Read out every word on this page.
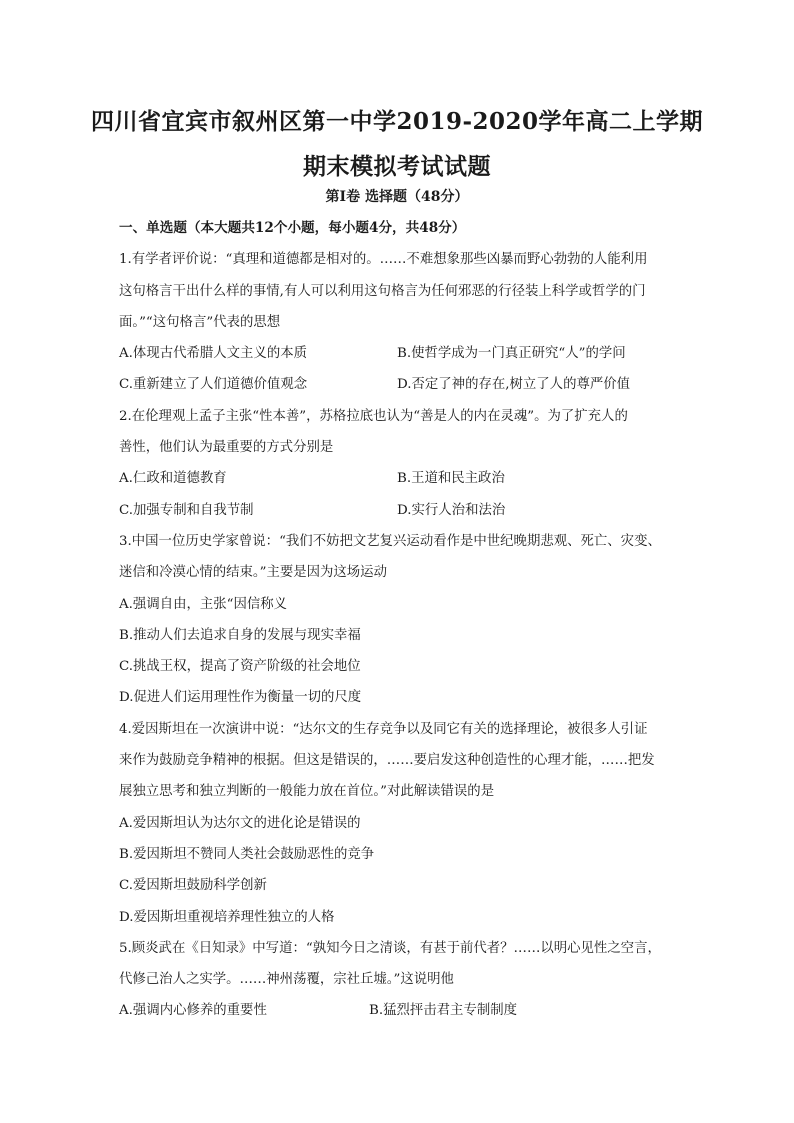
四川省宜宾市叙州区第一中学2019-2020学年高二上学期
期末模拟考试试题
第Ⅰ卷 选择题（48分）
一、单选题（本大题共12个小题，每小题4分，共48分）
1.有学者评价说：“真理和道德都是相对的。……不难想象那些凶暴而野心勃勃的人能利用
这句格言干出什么样的事情,有人可以利用这句格言为任何邪恶的行径装上科学或哲学的门
面。”“这句格言”代表的思想
A.体现古代希腊人文主义的本质	B.使哲学成为一门真正研究“人”的学问
C.重新建立了人们道德价值观念	D.否定了神的存在,树立了人的尊严价值
2.在伦理观上孟子主张“性本善”，苏格拉底也认为“善是人的内在灵魂”。为了扩充人的
善性，他们认为最重要的方式分别是
A.仁政和道德教育	B.王道和民主政治
C.加强专制和自我节制	D.实行人治和法治
3.中国一位历史学家曾说：“我们不妨把文艺复兴运动看作是中世纪晚期悲观、死亡、灾变、
迷信和冷漠心情的结束。”主要是因为这场运动
A.强调自由，主张“因信称义
B.推动人们去追求自身的发展与现实幸福
C.挑战王权，提高了资产阶级的社会地位
D.促进人们运用理性作为衡量一切的尺度
4.爱因斯坦在一次演讲中说：“达尔文的生存竞争以及同它有关的选择理论，被很多人引证
来作为鼓励竞争精神的根据。但这是错误的，……要启发这种创造性的心理才能，……把发
展独立思考和独立判断的一般能力放在首位。”对此解读错误的是
A.爱因斯坦认为达尔文的进化论是错误的
B.爱因斯坦不赞同人类社会鼓励恶性的竞争
C.爱因斯坦鼓励科学创新
D.爱因斯坦重视培养理性独立的人格
5.顾炎武在《日知录》中写道：“孰知今日之清谈，有甚于前代者？……以明心见性之空言，
代修己治人之实学。……神州荡覆，宗社丘墟。”这说明他
A.强调内心修养的重要性	B.猛烈抨击君主专制制度
